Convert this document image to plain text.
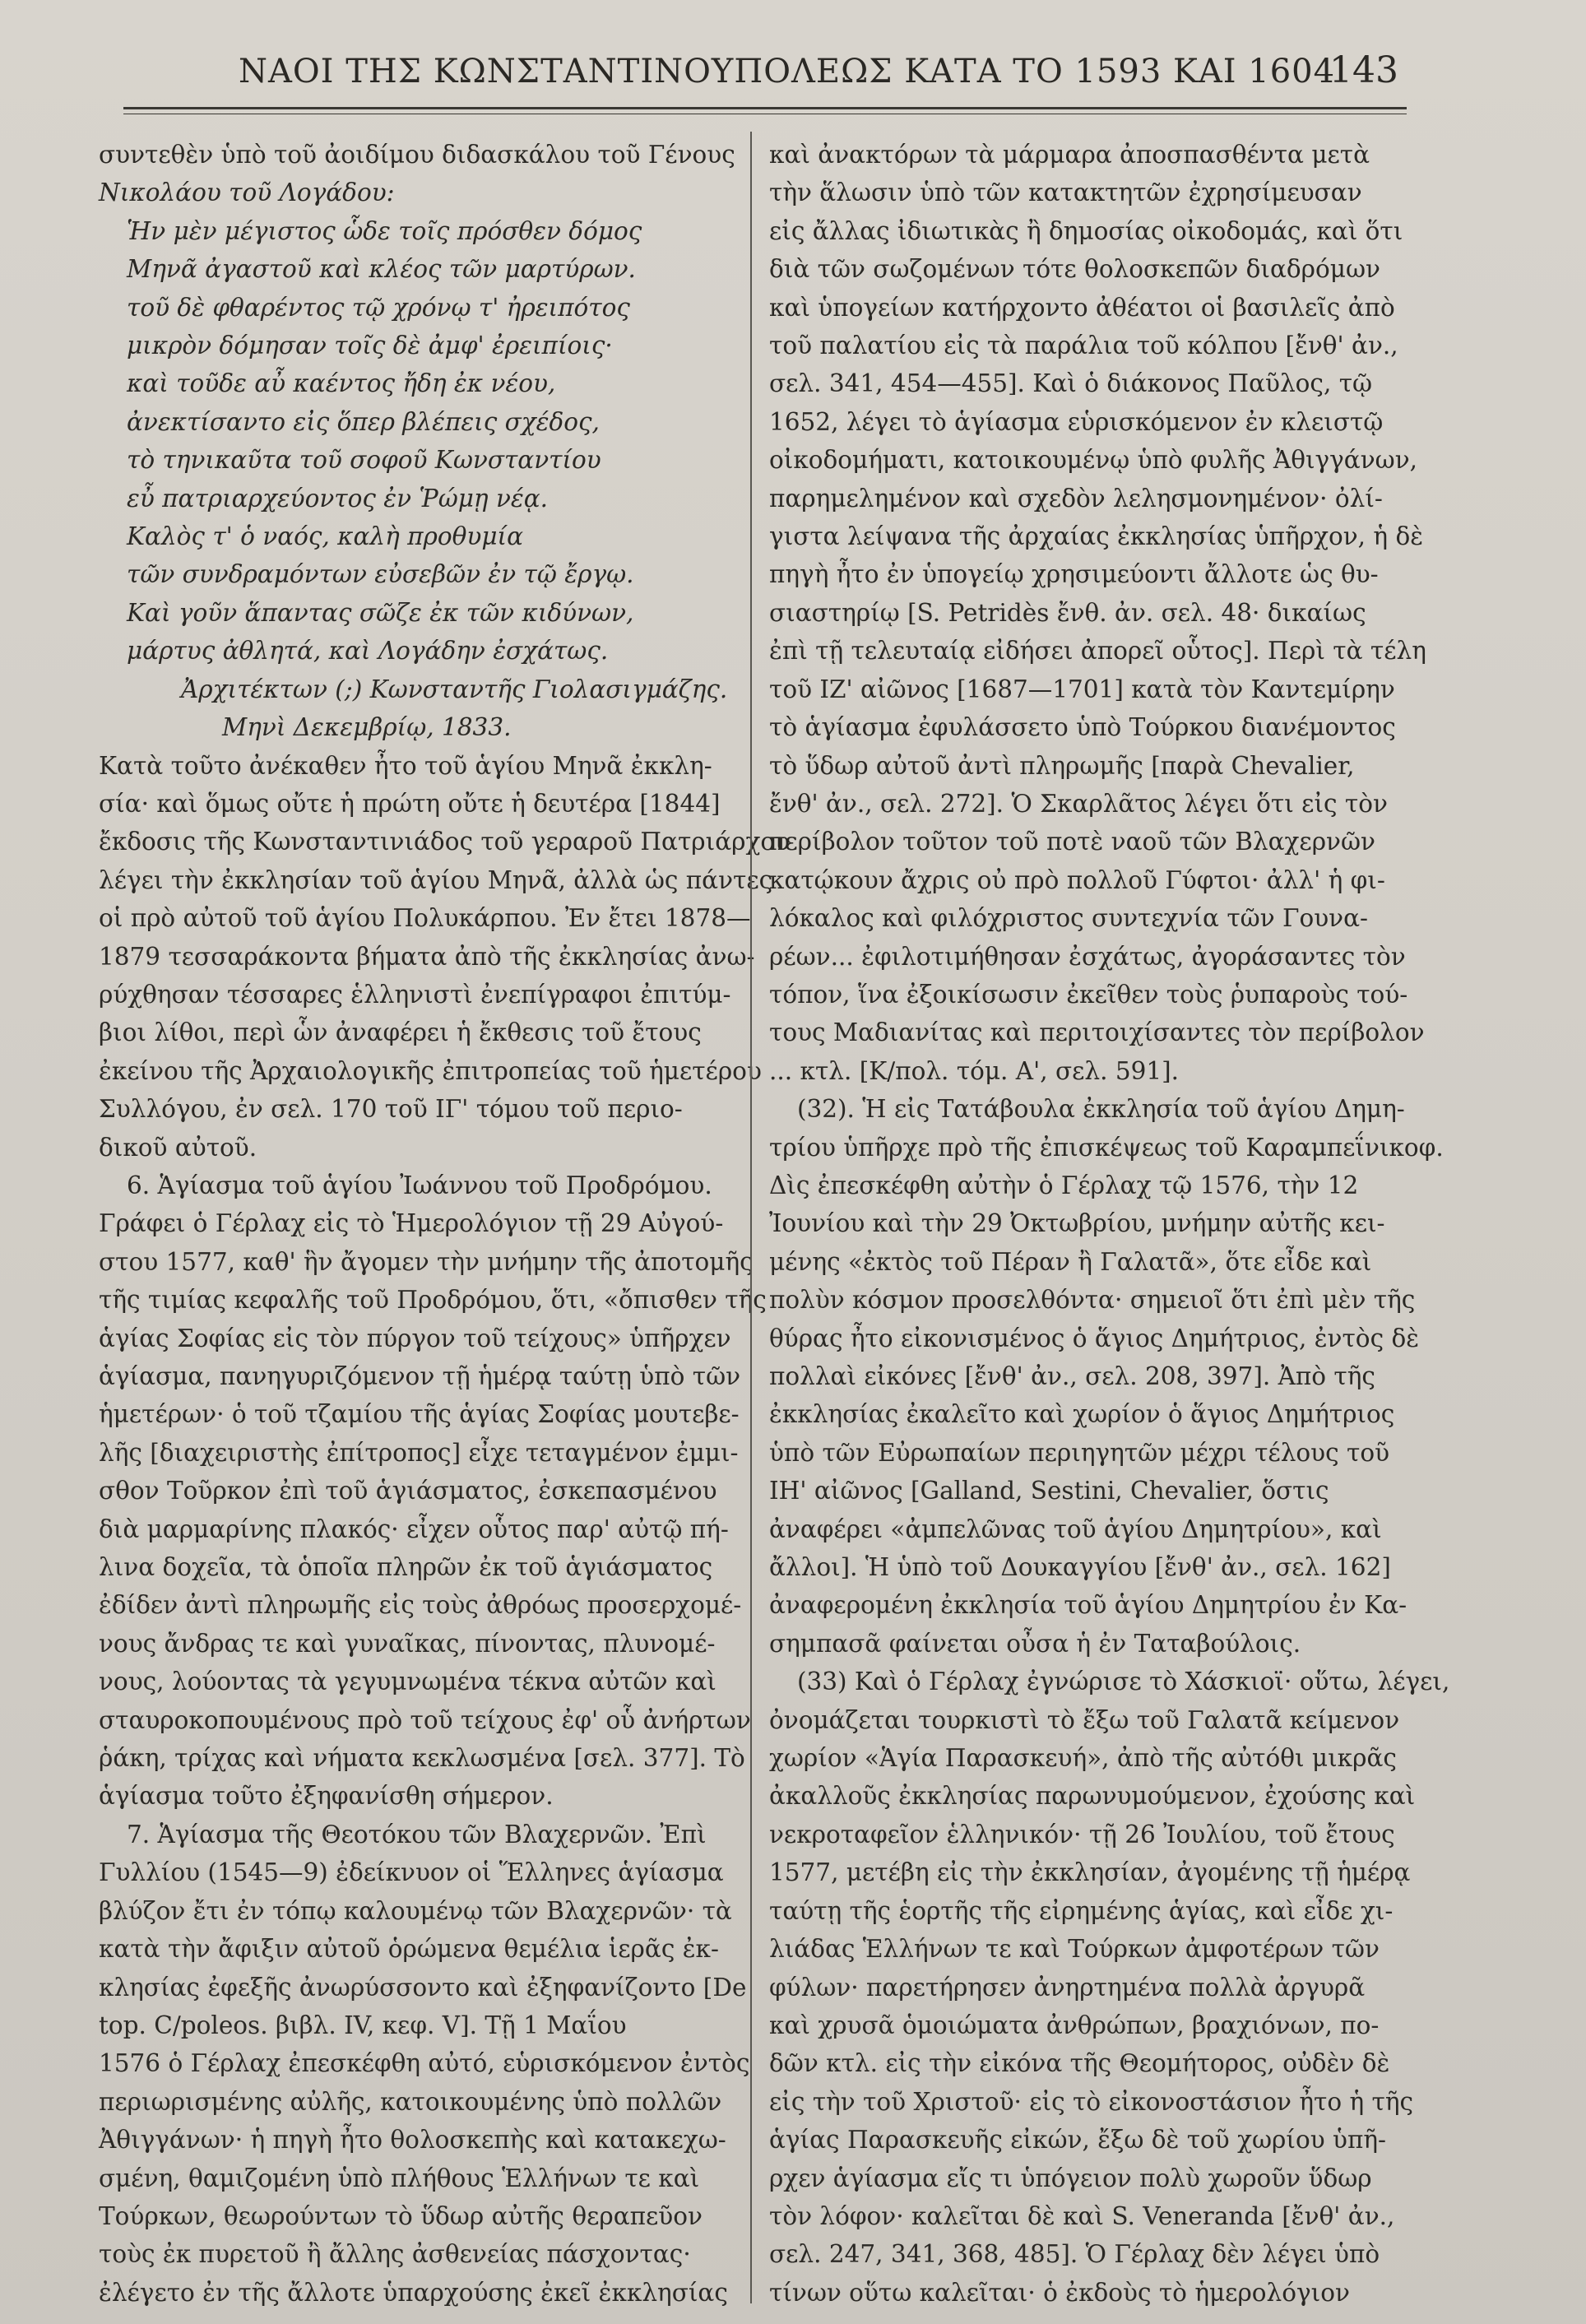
ΝΑΟΙ ΤΗΣ ΚΩΝΣΤΑΝΤΙΝΟΥΠΟΛΕΩΣ ΚΑΤΑ ΤΟ 1593 ΚΑΙ 1604
143
συντεθὲν ὑπὸ τοῦ ἀοιδίμου διδασκάλου τοῦ Γένους
Νικολάου τοῦ Λογάδου:
Ἡν μὲν μέγιστος ὧδε τοῖς πρόσθεν δόμος
Μηνᾶ ἀγαστοῦ καὶ κλέος τῶν μαρτύρων.
τοῦ δὲ φθαρέντος τῷ χρόνῳ τ' ἠρειπότος
μικρὸν δόμησαν τοῖς δὲ ἀμφ' ἐρειπίοις·
καὶ τοῦδε αὖ καέντος ἤδη ἐκ νέου,
ἀνεκτίσαντο εἰς ὅπερ βλέπεις σχέδος,
τὸ τηνικαῦτα τοῦ σοφοῦ Κωνσταντίου
εὖ πατριαρχεύοντος ἐν Ῥώμῃ νέᾳ.
Καλὸς τ' ὁ ναός, καλὴ προθυμία
τῶν συνδραμόντων εὐσεβῶν ἐν τῷ ἔργῳ.
Καὶ γοῦν ἅπαντας σῶζε ἐκ τῶν κιδύνων,
μάρτυς ἀθλητά, καὶ Λογάδην ἐσχάτως.
Ἀρχιτέκτων (;) Κωνσταντῆς Γιολασιγμάζης.
Μηνὶ Δεκεμβρίῳ, 1833.
Κατὰ τοῦτο ἀνέκαθεν ἦτο τοῦ ἁγίου Μηνᾶ ἐκκλη-
σία· καὶ ὅμως οὔτε ἡ πρώτη οὔτε ἡ δευτέρα [1844]
ἔκδοσις τῆς Κωνσταντινιάδος τοῦ γεραροῦ Πατριάρχου
λέγει τὴν ἐκκλησίαν τοῦ ἁγίου Μηνᾶ, ἀλλὰ ὡς πάντες
οἱ πρὸ αὐτοῦ τοῦ ἁγίου Πολυκάρπου. Ἐν ἔτει 1878—
1879 τεσσαράκοντα βήματα ἀπὸ τῆς ἐκκλησίας ἀνω-
ρύχθησαν τέσσαρες ἑλληνιστὶ ἐνεπίγραφοι ἐπιτύμ-
βιοι λίθοι, περὶ ὧν ἀναφέρει ἡ ἔκθεσις τοῦ ἔτους
ἐκείνου τῆς Ἀρχαιολογικῆς ἐπιτροπείας τοῦ ἡμετέρου
Συλλόγου, ἐν σελ. 170 τοῦ ΙΓ' τόμου τοῦ περιο-
δικοῦ αὐτοῦ.
6. Ἁγίασμα τοῦ ἁγίου Ἰωάννου τοῦ Προδρόμου.
Γράφει ὁ Γέρλαχ εἰς τὸ Ἡμερολόγιον τῇ 29 Αὐγού-
στου 1577, καθ' ἣν ἄγομεν τὴν μνήμην τῆς ἀποτομῆς
τῆς τιμίας κεφαλῆς τοῦ Προδρόμου, ὅτι, «ὄπισθεν τῆς
ἁγίας Σοφίας εἰς τὸν πύργον τοῦ τείχους» ὑπῆρχεν
ἁγίασμα, πανηγυριζόμενον τῇ ἡμέρᾳ ταύτῃ ὑπὸ τῶν
ἡμετέρων· ὁ τοῦ τζαμίου τῆς ἁγίας Σοφίας μουτεβε-
λῆς [διαχειριστὴς ἐπίτροπος] εἶχε τεταγμένον ἐμμι-
σθον Τοῦρκον ἐπὶ τοῦ ἁγιάσματος, ἐσκεπασμένου
διὰ μαρμαρίνης πλακός· εἶχεν οὗτος παρ' αὐτῷ πή-
λινα δοχεῖα, τὰ ὁποῖα πληρῶν ἐκ τοῦ ἁγιάσματος
ἐδίδεν ἀντὶ πληρωμῆς εἰς τοὺς ἀθρόως προσερχομέ-
νους ἄνδρας τε καὶ γυναῖκας, πίνοντας, πλυνομέ-
νους, λούοντας τὰ γεγυμνωμένα τέκνα αὐτῶν καὶ
σταυροκοπουμένους πρὸ τοῦ τείχους ἐφ' οὗ ἀνήρτων
ῥάκη, τρίχας καὶ νήματα κεκλωσμένα [σελ. 377]. Τὸ
ἁγίασμα τοῦτο ἐξηφανίσθη σήμερον.
7. Ἁγίασμα τῆς Θεοτόκου τῶν Βλαχερνῶν. Ἐπὶ
Γυλλίου (1545—9) ἐδείκνυον οἱ Ἕλληνες ἁγίασμα
βλύζον ἔτι ἐν τόπῳ καλουμένῳ τῶν Βλαχερνῶν· τὰ
κατὰ τὴν ἄφιξιν αὐτοῦ ὁρώμενα θεμέλια ἱερᾶς ἐκ-
κλησίας ἐφεξῆς ἀνωρύσσοντο καὶ ἐξηφανίζοντο [De
top. C/poleos. βιβλ. IV, κεφ. V]. Τῇ 1 Μαΐου
1576 ὁ Γέρλαχ ἐπεσκέφθη αὐτό, εὑρισκόμενον ἐντὸς
περιωρισμένης αὐλῆς, κατοικουμένης ὑπὸ πολλῶν
Ἀθιγγάνων· ἡ πηγὴ ἦτο θολοσκεπὴς καὶ κατακεχω-
σμένη, θαμιζομένη ὑπὸ πλήθους Ἑλλήνων τε καὶ
Τούρκων, θεωρούντων τὸ ὕδωρ αὐτῆς θεραπεῦον
τοὺς ἐκ πυρετοῦ ἢ ἄλλης ἀσθενείας πάσχοντας·
ἐλέγετο ἐν τῆς ἄλλοτε ὑπαρχούσης ἐκεῖ ἐκκλησίας
καὶ ἀνακτόρων τὰ μάρμαρα ἀποσπασθέντα μετὰ
τὴν ἅλωσιν ὑπὸ τῶν κατακτητῶν ἐχρησίμευσαν
εἰς ἄλλας ἰδιωτικὰς ἢ δημοσίας οἰκοδομάς, καὶ ὅτι
διὰ τῶν σωζομένων τότε θολοσκεπῶν διαδρόμων
καὶ ὑπογείων κατήρχοντο ἀθέατοι οἱ βασιλεῖς ἀπὸ
τοῦ παλατίου εἰς τὰ παράλια τοῦ κόλπου [ἔνθ' ἀν.,
σελ. 341, 454—455]. Καὶ ὁ διάκονος Παῦλος, τῷ
1652, λέγει τὸ ἁγίασμα εὑρισκόμενον ἐν κλειστῷ
οἰκοδομήματι, κατοικουμένῳ ὑπὸ φυλῆς Ἀθιγγάνων,
παρημελημένον καὶ σχεδὸν λελησμονημένον· ὀλί-
γιστα λείψανα τῆς ἀρχαίας ἐκκλησίας ὑπῆρχον, ἡ δὲ
πηγὴ ἦτο ἐν ὑπογείῳ χρησιμεύοντι ἄλλοτε ὡς θυ-
σιαστηρίῳ [S. Petridès ἔνθ. ἀν. σελ. 48· δικαίως
ἐπὶ τῇ τελευταίᾳ εἰδήσει ἀπορεῖ οὗτος]. Περὶ τὰ τέλη
τοῦ ΙΖ' αἰῶνος [1687—1701] κατὰ τὸν Καντεμίρην
τὸ ἁγίασμα ἐφυλάσσετο ὑπὸ Τούρκου διανέμοντος
τὸ ὕδωρ αὐτοῦ ἀντὶ πληρωμῆς [παρὰ Chevalier,
ἔνθ' ἀν., σελ. 272]. Ὁ Σκαρλᾶτος λέγει ὅτι εἰς τὸν
περίβολον τοῦτον τοῦ ποτὲ ναοῦ τῶν Βλαχερνῶν
κατῴκουν ἄχρις οὐ πρὸ πολλοῦ Γύφτοι· ἀλλ' ἡ φι-
λόκαλος καὶ φιλόχριστος συντεχνία τῶν Γουνα-
ρέων... ἐφιλοτιμήθησαν ἐσχάτως, ἀγοράσαντες τὸν
τόπον, ἵνα ἐξοικίσωσιν ἐκεῖθεν τοὺς ῥυπαροὺς τού-
τους Μαδιανίτας καὶ περιτοιχίσαντες τὸν περίβολον
... κτλ. [Κ/πολ. τόμ. Α', σελ. 591].
(32). Ἡ εἰς Τατάβουλα ἐκκλησία τοῦ ἁγίου Δημη-
τρίου ὑπῆρχε πρὸ τῆς ἐπισκέψεως τοῦ Καραμπεΐνικοφ.
Δὶς ἐπεσκέφθη αὐτὴν ὁ Γέρλαχ τῷ 1576, τὴν 12
Ἰουνίου καὶ τὴν 29 Ὀκτωβρίου, μνήμην αὐτῆς κει-
μένης «ἐκτὸς τοῦ Πέραν ἢ Γαλατᾶ», ὅτε εἶδε καὶ
πολὺν κόσμον προσελθόντα· σημειοῖ ὅτι ἐπὶ μὲν τῆς
θύρας ἦτο εἰκονισμένος ὁ ἅγιος Δημήτριος, ἐντὸς δὲ
πολλαὶ εἰκόνες [ἔνθ' ἀν., σελ. 208, 397]. Ἀπὸ τῆς
ἐκκλησίας ἐκαλεῖτο καὶ χωρίον ὁ ἅγιος Δημήτριος
ὑπὸ τῶν Εὐρωπαίων περιηγητῶν μέχρι τέλους τοῦ
ΙΗ' αἰῶνος [Galland, Sestini, Chevalier, ὅστις
ἀναφέρει «ἀμπελῶνας τοῦ ἁγίου Δημητρίου», καὶ
ἄλλοι]. Ἡ ὑπὸ τοῦ Δουκαγγίου [ἔνθ' ἀν., σελ. 162]
ἀναφερομένη ἐκκλησία τοῦ ἁγίου Δημητρίου ἐν Κα-
σημπασᾶ φαίνεται οὖσα ἡ ἐν Ταταβούλοις.
(33) Καὶ ὁ Γέρλαχ ἐγνώρισε τὸ Χάσκιοϊ· οὕτω, λέγει,
ὀνομάζεται τουρκιστὶ τὸ ἔξω τοῦ Γαλατᾶ κείμενον
χωρίον «Ἁγία Παρασκευή», ἀπὸ τῆς αὐτόθι μικρᾶς
ἀκαλλοῦς ἐκκλησίας παρωνυμούμενον, ἐχούσης καὶ
νεκροταφεῖον ἑλληνικόν· τῇ 26 Ἰουλίου, τοῦ ἔτους
1577, μετέβη εἰς τὴν ἐκκλησίαν, ἀγομένης τῇ ἡμέρᾳ
ταύτῃ τῆς ἑορτῆς τῆς εἰρημένης ἁγίας, καὶ εἶδε χι-
λιάδας Ἑλλήνων τε καὶ Τούρκων ἀμφοτέρων τῶν
φύλων· παρετήρησεν ἀνηρτημένα πολλὰ ἀργυρᾶ
καὶ χρυσᾶ ὁμοιώματα ἀνθρώπων, βραχιόνων, πο-
δῶν κτλ. εἰς τὴν εἰκόνα τῆς Θεομήτορος, οὐδὲν δὲ
εἰς τὴν τοῦ Χριστοῦ· εἰς τὸ εἰκονοστάσιον ἦτο ἡ τῆς
ἁγίας Παρασκευῆς εἰκών, ἔξω δὲ τοῦ χωρίου ὑπῆ-
ρχεν ἁγίασμα εἴς τι ὑπόγειον πολὺ χωροῦν ὕδωρ
τὸν λόφον· καλεῖται δὲ καὶ S. Veneranda [ἔνθ' ἀν.,
σελ. 247, 341, 368, 485]. Ὁ Γέρλαχ δὲν λέγει ὑπὸ
τίνων οὕτω καλεῖται· ὁ ἐκδοὺς τὸ ἡμερολόγιον
